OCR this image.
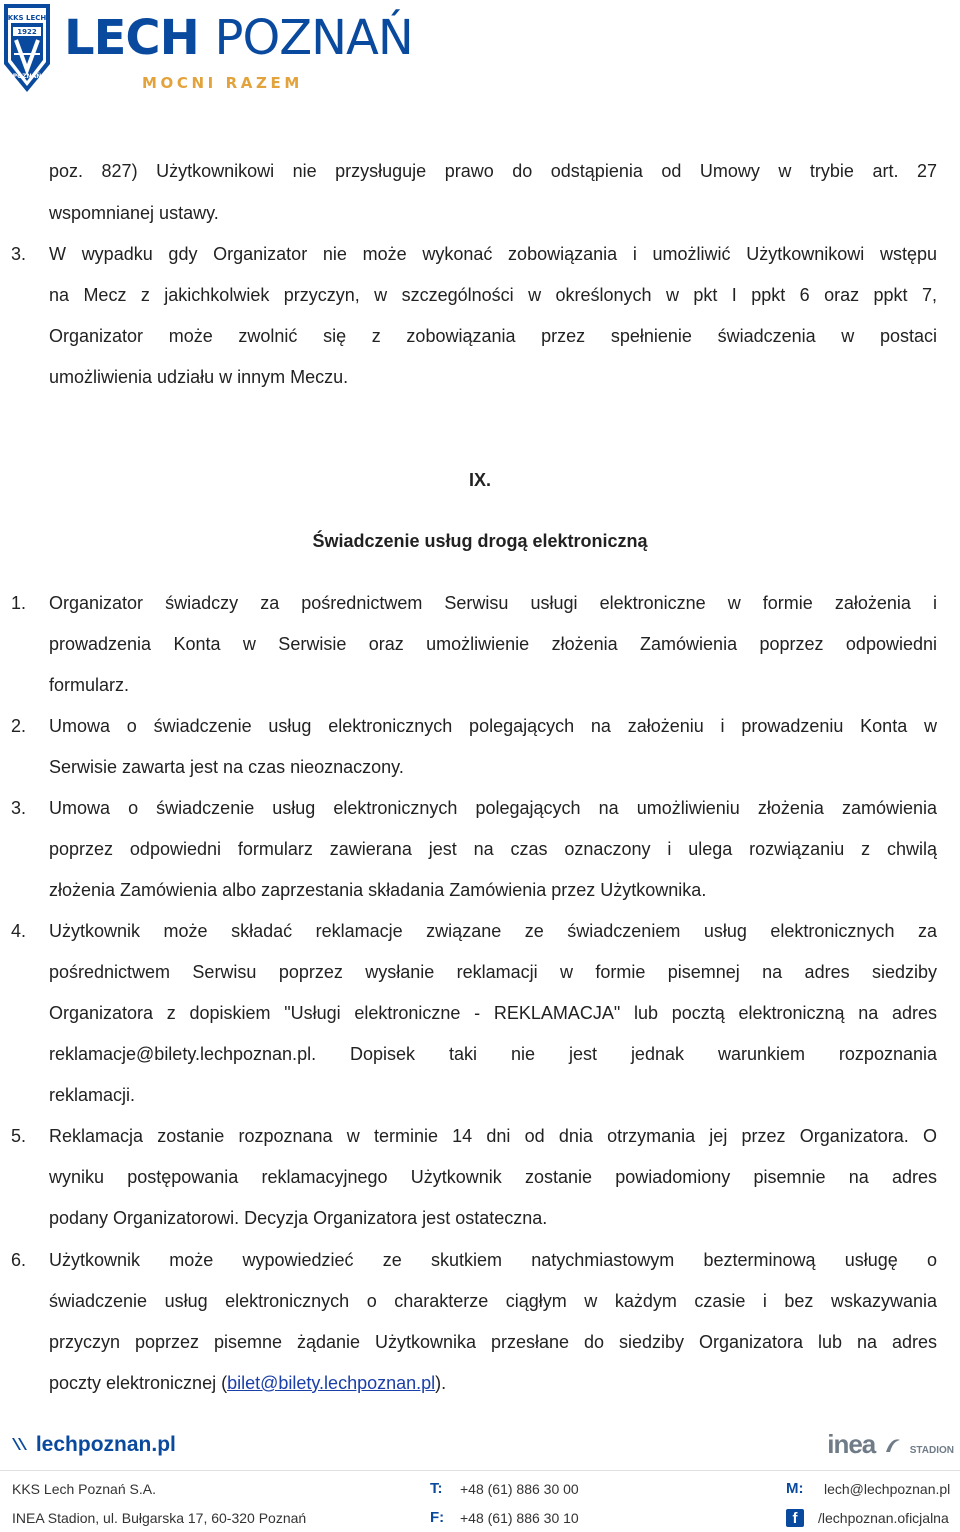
KKS LECH
1922
POZNAŃ
LECH POZNAŃ
MOCNI RAZEM
poz. 827) Użytkownikowi nie przysługuje prawo do odstąpienia od Umowy w trybie art. 27
wspomnianej ustawy.
3.	W wypadku gdy Organizator nie może wykonać zobowiązania i umożliwić Użytkownikowi wstępu
na Mecz z jakichkolwiek przyczyn, w szczególności w określonych w pkt I ppkt 6 oraz ppkt 7,
Organizator może zwolnić się z zobowiązania przez spełnienie świadczenia w postaci
umożliwienia udziału w innym Meczu.
IX.
Świadczenie usług drogą elektroniczną
1.	Organizator świadczy za pośrednictwem Serwisu usługi elektroniczne w formie założenia i
prowadzenia Konta w Serwisie oraz umożliwienie złożenia Zamówienia poprzez odpowiedni
formularz.
2.	Umowa o świadczenie usług elektronicznych polegających na założeniu i prowadzeniu Konta w
Serwisie zawarta jest na czas nieoznaczony.
3.	Umowa o świadczenie usług elektronicznych polegających na umożliwieniu złożenia zamówienia
poprzez odpowiedni formularz zawierana jest na czas oznaczony i ulega rozwiązaniu z chwilą
złożenia Zamówienia albo zaprzestania składania Zamówienia przez Użytkownika.
4.	Użytkownik może składać reklamacje związane ze świadczeniem usług elektronicznych za
pośrednictwem Serwisu poprzez wysłanie reklamacji w formie pisemnej na adres siedziby
Organizatora z dopiskiem "Usługi elektroniczne - REKLAMACJA" lub pocztą elektroniczną na adres
reklamacje@bilety.lechpoznan.pl. Dopisek taki nie jest jednak warunkiem rozpoznania
reklamacji.
5.	Reklamacja zostanie rozpoznana w terminie 14 dni od dnia otrzymania jej przez Organizatora. O
wyniku postępowania reklamacyjnego Użytkownik zostanie powiadomiony pisemnie na adres
podany Organizatorowi. Decyzja Organizatora jest ostateczna.
6.	Użytkownik może wypowiedzieć ze skutkiem natychmiastowym bezterminową usługę o
świadczenie usług elektronicznych o charakterze ciągłym w każdym czasie i bez wskazywania
przyczyn poprzez pisemne żądanie Użytkownika przesłane do siedziby Organizatora lub na adres
poczty elektronicznej (bilet@bilety.lechpoznan.pl).
lechpoznan.pl	inea	STADION
KKS Lech Poznań S.A.
INEA Stadion, ul. Bułgarska 17, 60-320 Poznań
T: +48 (61) 886 30 00
F: +48 (61) 886 30 10
M: lech@lechpoznan.pl
f	/lechpoznan.oficjalna
